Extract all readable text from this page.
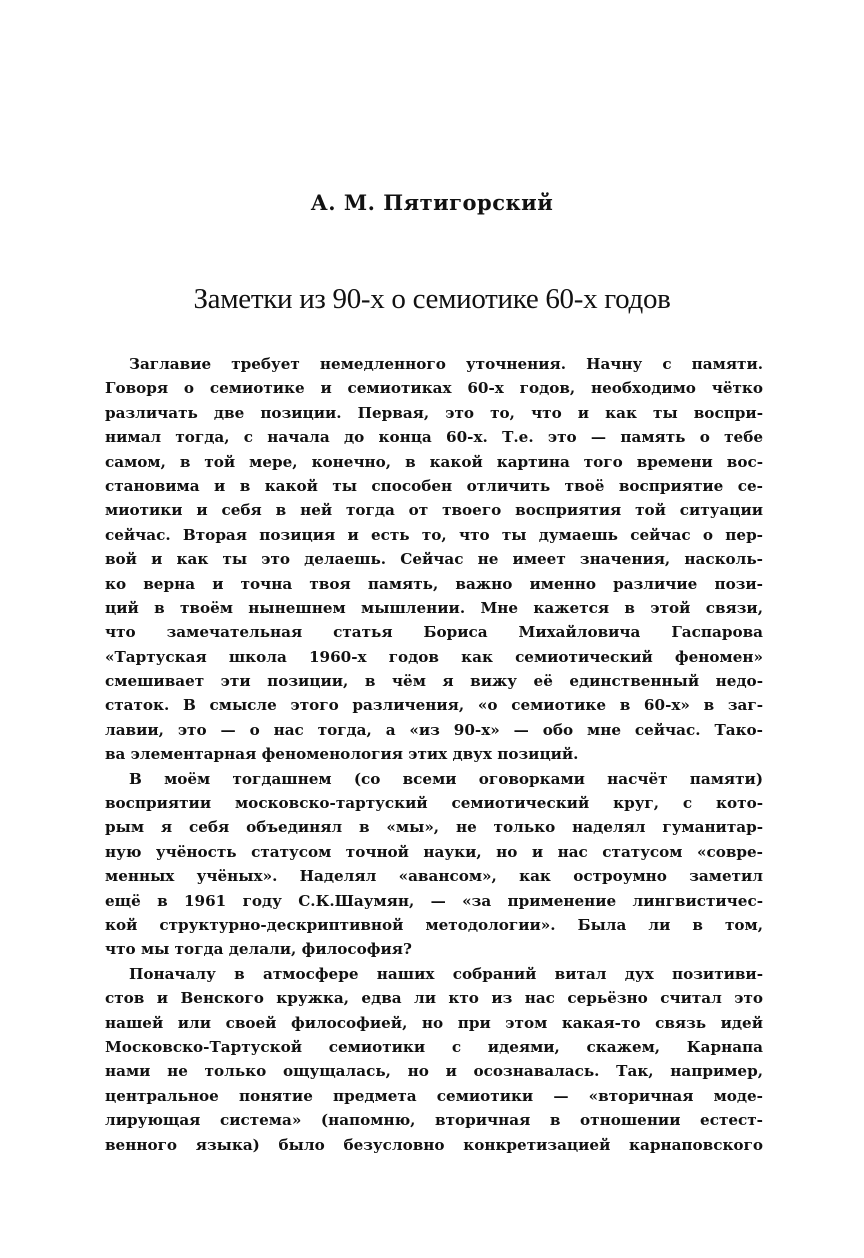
А. М. Пятигорский
Заметки из 90-х о семиотике 60-х годов
Заглавие требует немедленного уточнения. Начну с памяти.
Говоря о семиотике и семиотиках 60-х годов, необходимо чётко
различать две позиции. Первая, это то, что и как ты воспри-
нимал тогда, с начала до конца 60-х. Т.е. это — память о тебе
самом, в той мере, конечно, в какой картина того времени вос-
становима и в какой ты способен отличить твоё восприятие се-
миотики и себя в ней тогда от твоего восприятия той ситуации
сейчас. Вторая позиция и есть то, что ты думаешь сейчас о пер-
вой и как ты это делаешь. Сейчас не имеет значения, насколь-
ко верна и точна твоя память, важно именно различие пози-
ций в твоём нынешнем мышлении. Мне кажется в этой связи,
что замечательная статья Бориса Михайловича Гаспарова
«Тартуская школа 1960-х годов как семиотический феномен»
смешивает эти позиции, в чём я вижу её единственный недо-
статок. В смысле этого различения, «о семиотике в 60-х» в заг-
лавии, это — о нас тогда, а «из 90-х» — обо мне сейчас. Тако-
ва элементарная феноменология этих двух позиций.
В моём тогдашнем (со всеми оговорками насчёт памяти)
восприятии московско-тартуский семиотический круг, с кото-
рым я себя объединял в «мы», не только наделял гуманитар-
ную учёность статусом точной науки, но и нас статусом «совре-
менных учёных». Наделял «авансом», как остроумно заметил
ещё в 1961 году С.К.Шаумян, — «за применение лингвистичес-
кой структурно-дескриптивной методологии». Была ли в том,
что мы тогда делали, философия?
Поначалу в атмосфере наших собраний витал дух позитиви-
стов и Венского кружка, едва ли кто из нас серьёзно считал это
нашей или своей философией, но при этом какая-то связь идей
Московско-Тартуской семиотики с идеями, скажем, Карнапа
нами не только ощущалась, но и осознавалась. Так, например,
центральное понятие предмета семиотики — «вторичная моде-
лирующая система» (напомню, вторичная в отношении естест-
венного языка) было безусловно конкретизацией карнаповского
